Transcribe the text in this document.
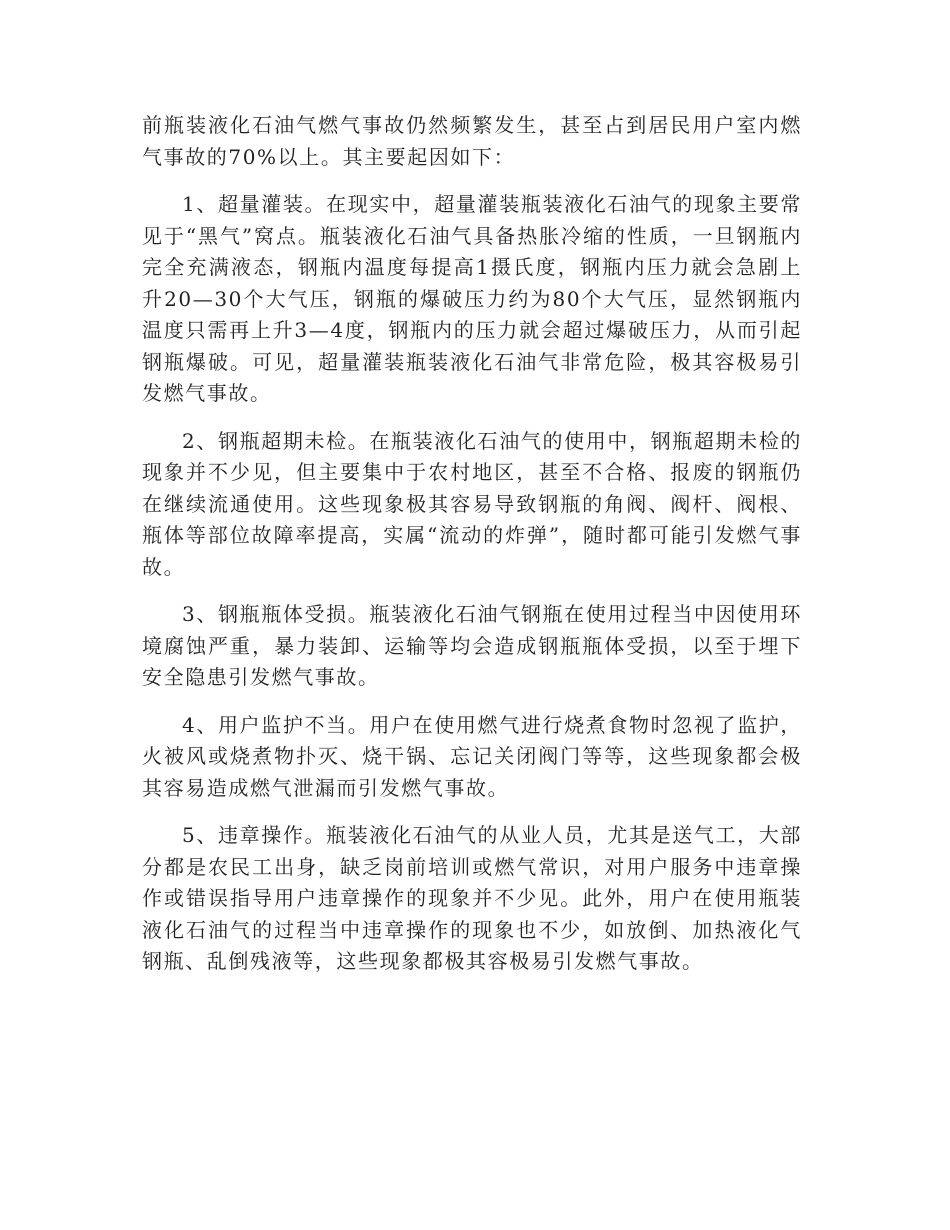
前瓶装液化石油气燃气事故仍然频繁发生，甚至占到居民用户室内燃气事故的70%以上。其主要起因如下：

1、超量灌装。在现实中，超量灌装瓶装液化石油气的现象主要常见于“黑气”窝点。瓶装液化石油气具备热胀冷缩的性质，一旦钢瓶内完全充满液态，钢瓶内温度每提高1摄氏度，钢瓶内压力就会急剧上升20—30个大气压，钢瓶的爆破压力约为80个大气压，显然钢瓶内温度只需再上升3—4度，钢瓶内的压力就会超过爆破压力，从而引起钢瓶爆破。可见，超量灌装瓶装液化石油气非常危险，极其容极易引发燃气事故。

2、钢瓶超期未检。在瓶装液化石油气的使用中，钢瓶超期未检的现象并不少见，但主要集中于农村地区，甚至不合格、报废的钢瓶仍在继续流通使用。这些现象极其容易导致钢瓶的角阀、阀杆、阀根、瓶体等部位故障率提高，实属“流动的炸弹”，随时都可能引发燃气事故。

3、钢瓶瓶体受损。瓶装液化石油气钢瓶在使用过程当中因使用环境腐蚀严重，暴力装卸、运输等均会造成钢瓶瓶体受损，以至于埋下安全隐患引发燃气事故。

4、用户监护不当。用户在使用燃气进行烧煮食物时忽视了监护，火被风或烧煮物扑灭、烧干锅、忘记关闭阀门等等，这些现象都会极其容易造成燃气泄漏而引发燃气事故。

5、违章操作。瓶装液化石油气的从业人员，尤其是送气工，大部分都是农民工出身，缺乏岗前培训或燃气常识，对用户服务中违章操作或错误指导用户违章操作的现象并不少见。此外，用户在使用瓶装液化石油气的过程当中违章操作的现象也不少，如放倒、加热液化气钢瓶、乱倒残液等，这些现象都极其容极易引发燃气事故。
